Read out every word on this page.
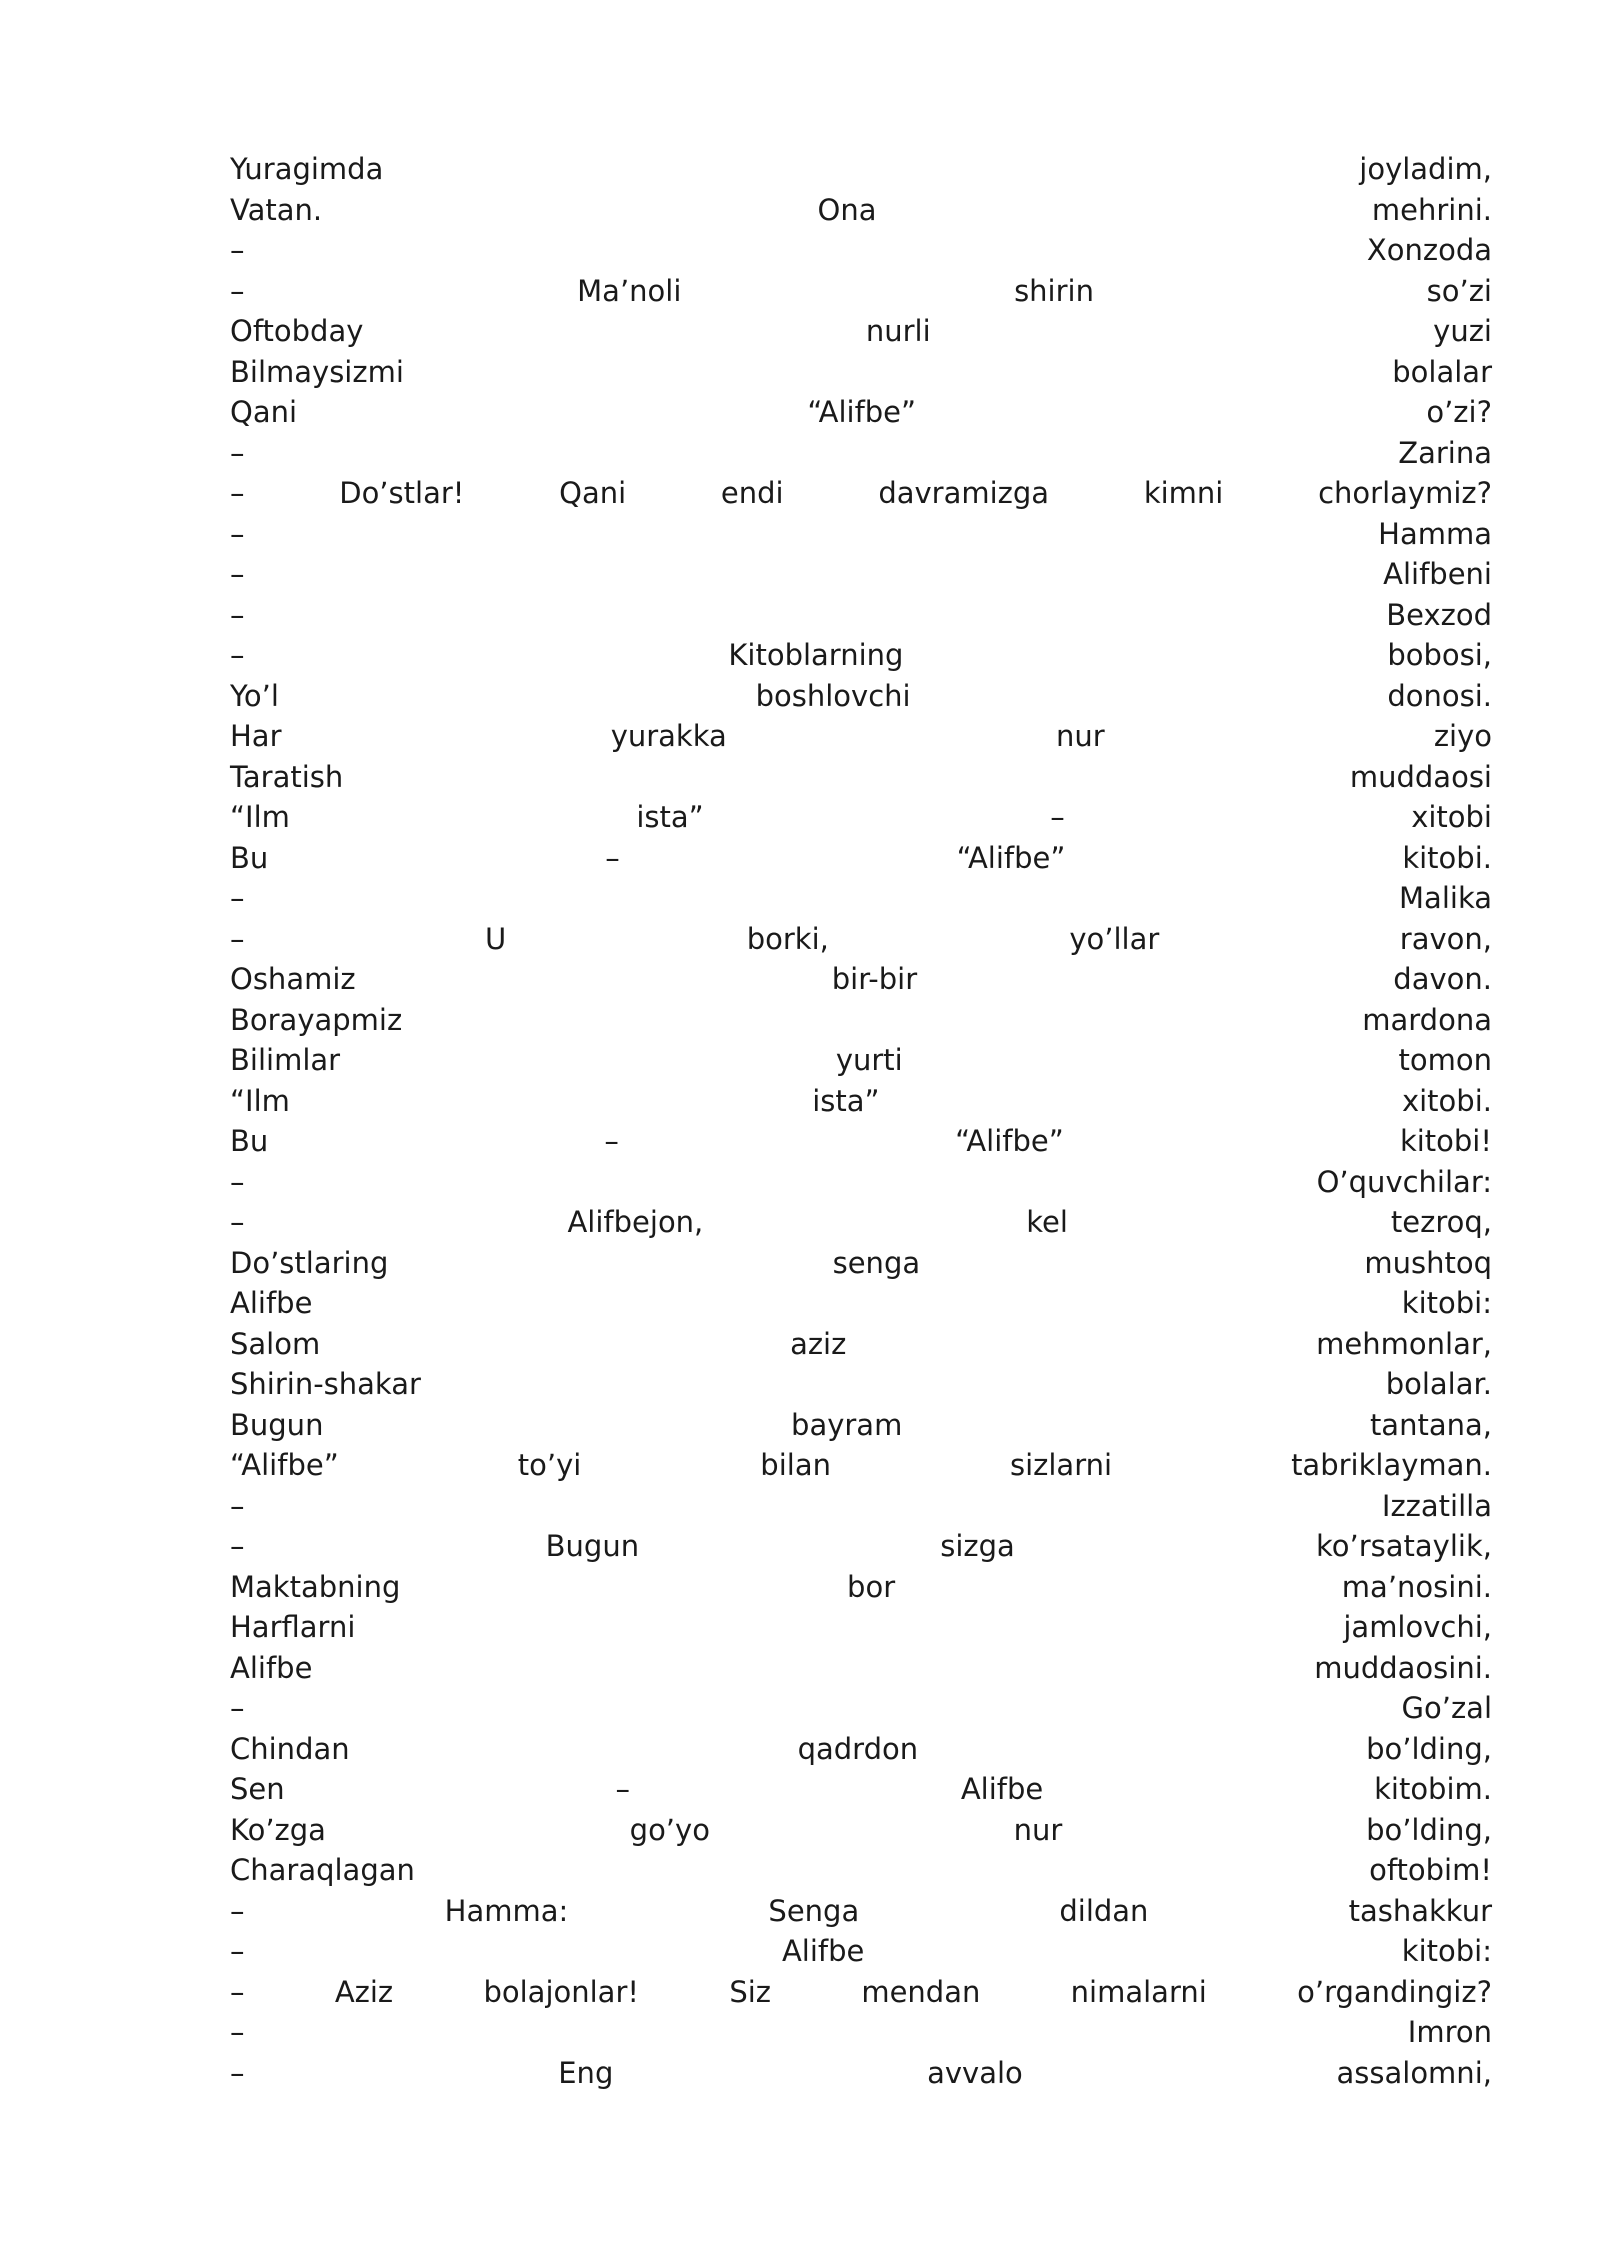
Yuragimda	joyladim,
Vatan.	Ona	mehrini.
–	Xonzoda
–	Ma’noli	shirin	so’zi
Oftobday	nurli	yuzi
Bilmaysizmi	bolalar
Qani	“Alifbe”	o’zi?
–	Zarina
–	Do’stlar!	Qani	endi	davramizga	kimni	chorlaymiz?
–	Hamma
–	Alifbeni
–	Bexzod
–	Kitoblarning	bobosi,
Yo’l	boshlovchi	donosi.
Har	yurakka	nur	ziyo
Taratish	muddaosi
“Ilm	ista”	–	xitobi
Bu	–	“Alifbe”	kitobi.
–	Malika
–	U	borki,	yo’llar	ravon,
Oshamiz	bir-bir	davon.
Borayapmiz	mardona
Bilimlar	yurti	tomon
“Ilm	ista”	xitobi.
Bu	–	“Alifbe”	kitobi!
–	O’quvchilar:
–	Alifbejon,	kel	tezroq,
Do’stlaring	senga	mushtoq
Alifbe	kitobi:
Salom	aziz	mehmonlar,
Shirin-shakar	bolalar.
Bugun	bayram	tantana,
“Alifbe”	to’yi	bilan	sizlarni	tabriklayman.
–	Izzatilla
–	Bugun	sizga	ko’rsataylik,
Maktabning	bor	ma’nosini.
Harflarni	jamlovchi,
Alifbe	muddaosini.
–	Go’zal
Chindan	qadrdon	bo’lding,
Sen	–	Alifbe	kitobim.
Ko’zga	go’yo	nur	bo’lding,
Charaqlagan	oftobim!
–	Hamma:	Senga	dildan	tashakkur
–	Alifbe	kitobi:
–	Aziz	bolajonlar!	Siz	mendan	nimalarni	o’rgandingiz?
–	Imron
–	Eng	avvalo	assalomni,
